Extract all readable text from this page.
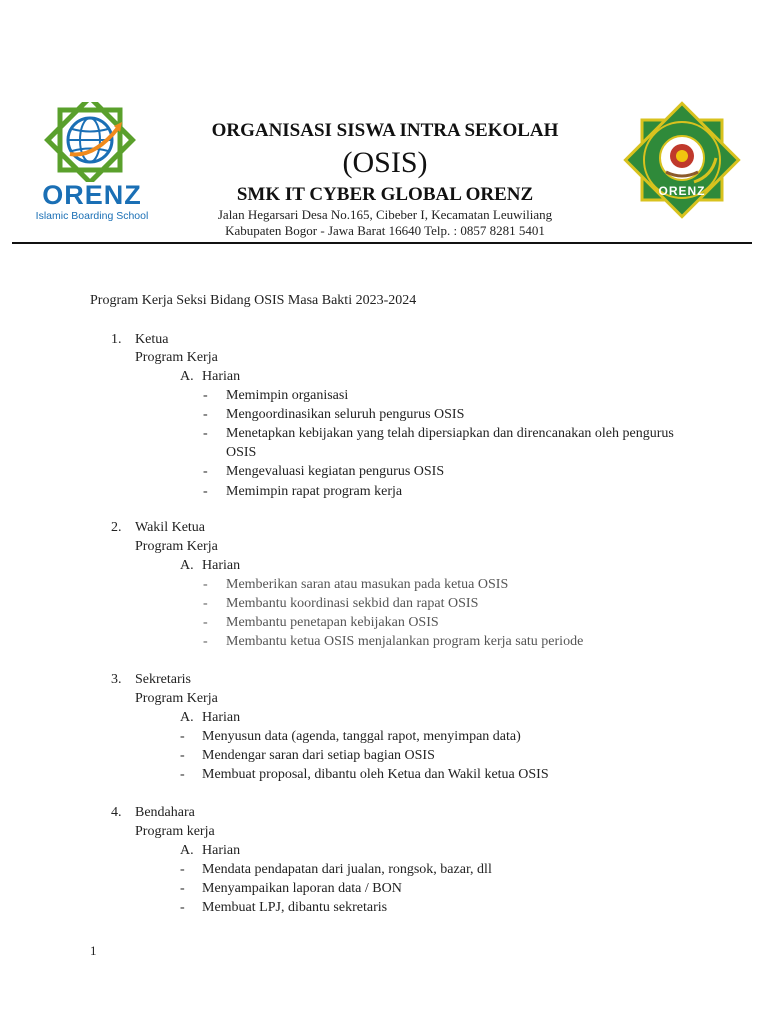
ORENZ
Islamic Boarding School
ORENZ
ORGANISASI SISWA INTRA SEKOLAH
(OSIS)
SMK IT CYBER GLOBAL ORENZ
Jalan Hegarsari Desa No.165, Cibeber I, Kecamatan Leuwiliang
Kabupaten Bogor - Jawa Barat 16640 Telp. : 0857 8281 5401
Program Kerja Seksi Bidang OSIS Masa Bakti 2023-2024
1. Ketua
Program Kerja
A. Harian
- Memimpin organisasi
- Mengoordinasikan seluruh pengurus OSIS
- Menetapkan kebijakan yang telah dipersiapkan dan direncanakan oleh pengurus
OSIS
- Mengevaluasi kegiatan pengurus OSIS
- Memimpin rapat program kerja
2. Wakil Ketua
Program Kerja
A. Harian
- Memberikan saran atau masukan pada ketua OSIS
- Membantu koordinasi sekbid dan rapat OSIS
- Membantu penetapan kebijakan OSIS
- Membantu ketua OSIS menjalankan program kerja satu periode
3. Sekretaris
Program Kerja
A. Harian
- Menyusun data (agenda, tanggal rapot, menyimpan data)
- Mendengar saran dari setiap bagian OSIS
- Membuat proposal, dibantu oleh Ketua dan Wakil ketua OSIS
4. Bendahara
Program kerja
A. Harian
- Mendata pendapatan dari jualan, rongsok, bazar, dll
- Menyampaikan laporan data / BON
- Membuat LPJ, dibantu sekretaris
1
